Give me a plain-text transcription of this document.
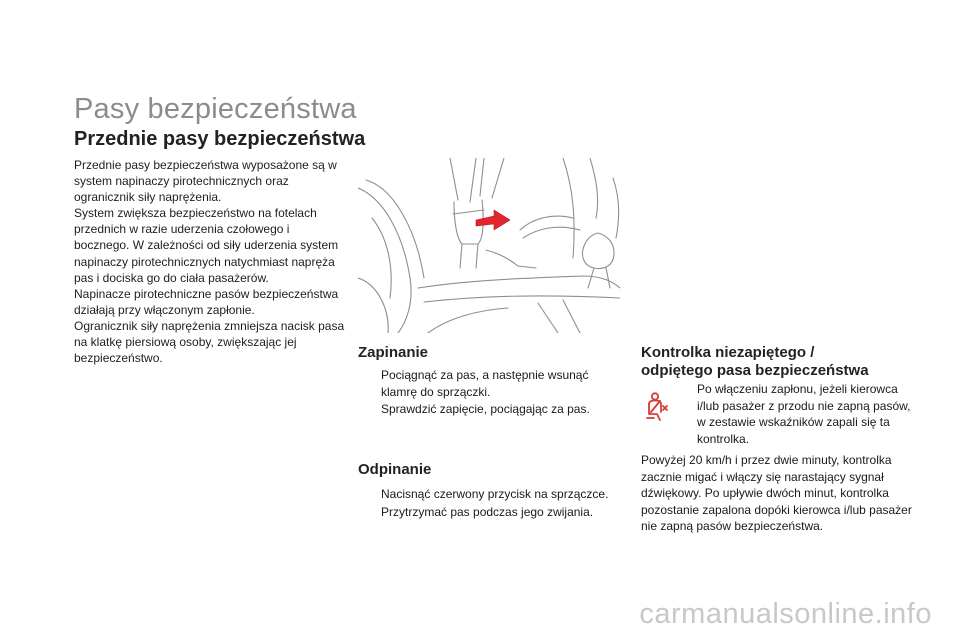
Pasy bezpieczeństwa
Przednie pasy bezpieczeństwa

Przednie pasy bezpieczeństwa wyposażone są w system napinaczy pirotechnicznych oraz ogranicznik siły naprężenia.

System zwiększa bezpieczeństwo na fotelach przednich w razie uderzenia czołowego i bocznego. W zależności od siły uderzenia system napinaczy pirotechnicznych natychmiast napręża pas i dociska go do ciała pasażerów.

Napinacze pirotechniczne pasów bezpieczeństwa działają przy włączonym zapłonie.

Ogranicznik siły naprężenia zmniejsza nacisk pasa na klatkę piersiową osoby, zwiększając jej bezpieczeństwo.	Zapinanie
Pociągnąć za pas, a następnie wsunąć klamrę do sprzączki.
Sprawdzić zapięcie, pociągając za pas.
Odpinanie
Nacisnąć czerwony przycisk na sprzączce.
Przytrzymać pas podczas jego zwijania.
Kontrolka niezapiętego /
odpiętego pasa bezpieczeństwa

Po włączeniu zapłonu, jeżeli kierowca i/lub pasażer z przodu nie zapną pasów, w zestawie wskaźników zapali się ta kontrolka.

Powyżej 20 km/h i przez dwie minuty, kontrolka zacznie migać i włączy się narastający sygnał dźwiękowy. Po upływie dwóch minut, kontrolka pozostanie zapalona dopóki kierowca i/lub pasażer nie zapną pasów bezpieczeństwa.

carmanualsonline.info
